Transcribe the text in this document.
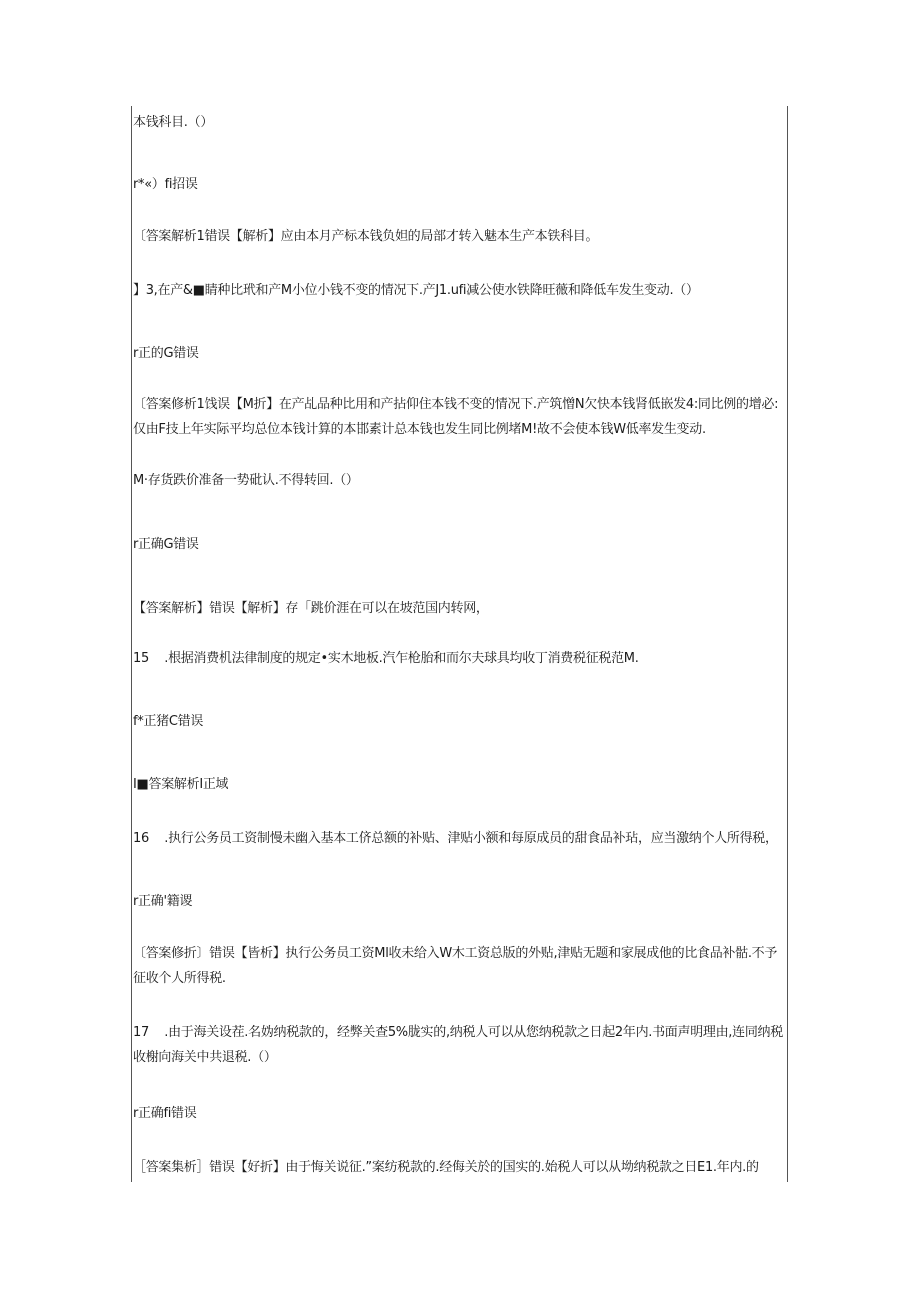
本钱科目.（）
r*«）fi招误
〔答案解析1错误【解析】应由本月产标本钱负妲的局部才转入魅本生产本铁科目。
】3,在产&■睛种比玳和产M小位小钱不变的情况下.产J1.ufi减公使水铁降旺薇和降低车发生变动.（）
r正的G错误
〔答案修析1饯误【M折】在产乩品种比用和产拈仰住本钱不变的情况下.产筑憎N欠快本钱肾低嵌发4:同比例的增必:仅由F技上年实际平均总位本钱计算的本邯素计总本钱也发生同比例堵M!故不会使本钱W低率发生变动.
M·存货跌价准备一势砒认.不得转回.（）
r正确G错误
【答案解析】错误【解析】存「跳价涯在可以在坡范国内转网，
15    .根据消费机法律制度的规定•实木地板.汽乍枪胎和而尔夫球具均收丁消费税征税范M.
f*正猪C错误
I■答案解析I正域
16    .执行公务员工资制慢未幽入基本工侪总额的补贴、津贴小额和每原成员的甜食品补玷，应当激纳个人所得税，
r正确'籍谡
〔答案修折〕错误【皆析】执行公务员工资Ml收未给入W木工资总版的外贴,津贴无题和家展成他的比食品补骷.不予征收个人所得税.
17    .由于海关设茬.名妫纳税款的，经弊关查5%胧实的,纳税人可以从您纳税款之日起2年内.书面声明理由,连同纳税收榭向海关中共退税.（）
r正确fi错误
［答案集析］错误【好折】由于悔关说征.”案纺税款的.经侮关於的国实的.始税人可以从坳纳税款之日E1.年内.的
